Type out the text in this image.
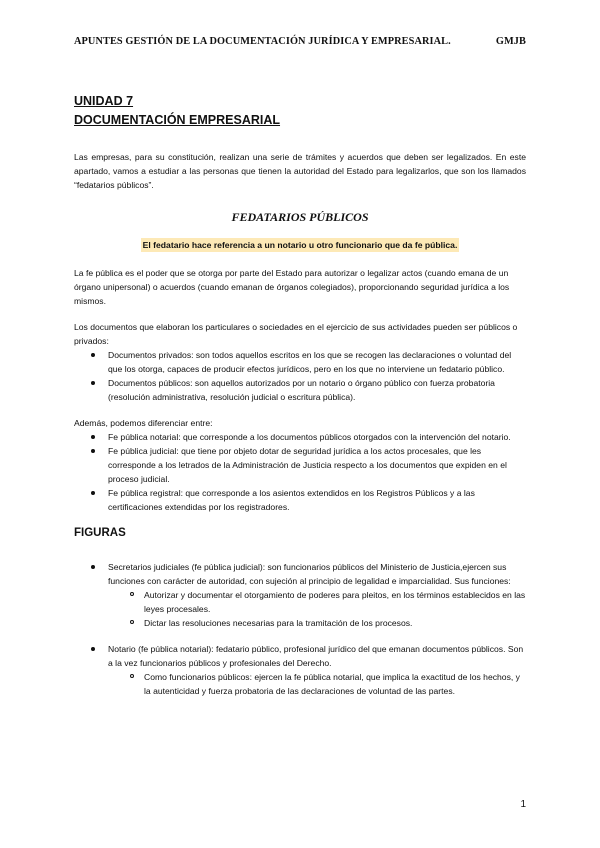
APUNTES GESTIÓN DE LA DOCUMENTACIÓN JURÍDICA Y EMPRESARIAL.	GMJB
UNIDAD 7
DOCUMENTACIÓN EMPRESARIAL

Las empresas, para su constitución, realizan una serie de trámites y acuerdos que deben ser legalizados. En este apartado, vamos a estudiar a las personas que tienen la autoridad del Estado para legalizarlos, que son los llamados “fedatarios públicos”.

FEDATARIOS PÚBLICOS
El fedatario hace referencia a un notario u otro funcionario que da fe pública.

La fe pública es el poder que se otorga por parte del Estado para autorizar o legalizar actos (cuando emana de un órgano unipersonal) o acuerdos (cuando emanan de órganos colegiados), proporcionando seguridad jurídica a los mismos.

Los documentos que elaboran los particulares o sociedades en el ejercicio de sus actividades pueden ser públicos o privados:

Documentos privados: son todos aquellos escritos en los que se recogen las declaraciones o voluntad del que los otorga, capaces de producir efectos jurídicos, pero en los que no interviene un fedatario público.
Documentos públicos: son aquellos autorizados por un notario o órgano público con fuerza probatoria (resolución administrativa, resolución judicial o escritura pública).

Además, podemos diferenciar entre:

Fe pública notarial: que corresponde a los documentos públicos otorgados con la intervención del notario.
Fe pública judicial: que tiene por objeto dotar de seguridad jurídica a los actos procesales, que les corresponde a los letrados de la Administración de Justicia respecto a los documentos que expiden en el proceso judicial.
Fe pública registral: que corresponde a los asientos extendidos en los Registros Públicos y a las certificaciones extendidas por los registradores.
FIGURAS
Secretarios judiciales (fe pública judicial): son funcionarios públicos del Ministerio de Justicia,ejercen sus funciones con carácter de autoridad, con sujeción al principio de legalidad e imparcialidad. Sus funciones:
Autorizar y documentar el otorgamiento de poderes para pleitos, en los términos establecidos en las leyes procesales.
Dictar las resoluciones necesarias para la tramitación de los procesos.
Notario (fe pública notarial): fedatario público, profesional jurídico del que emanan documentos públicos. Son a la vez funcionarios públicos y profesionales del Derecho.
Como funcionarios públicos: ejercen la fe pública notarial, que implica la exactitud de los hechos, y la autenticidad y fuerza probatoria de las declaraciones de voluntad de las partes.
1
